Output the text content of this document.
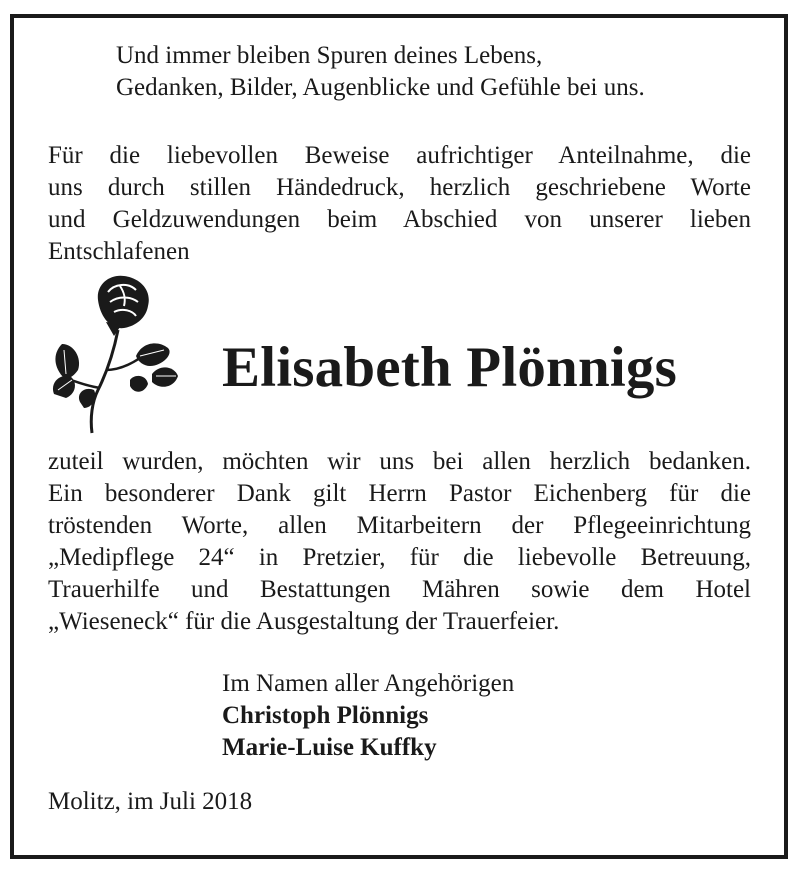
Und immer bleiben Spuren deines Lebens,
Gedanken, Bilder, Augenblicke und Gefühle bei uns.
Für die liebevollen Beweise aufrichtiger Anteilnahme, die
uns durch stillen Händedruck, herzlich geschriebene Worte
und Geldzuwendungen beim Abschied von unserer lieben
Entschlafenen
Elisabeth Plönnigs
zuteil wurden, möchten wir uns bei allen herzlich bedanken.
Ein besonderer Dank gilt Herrn Pastor Eichenberg für die
tröstenden Worte, allen Mitarbeitern der Pflegeeinrichtung
„Medipflege 24“ in Pretzier, für die liebevolle Betreuung,
Trauerhilfe und Bestattungen Mähren sowie dem Hotel
„Wieseneck“ für die Ausgestaltung der Trauerfeier.
Im Namen aller Angehörigen
Christoph Plönnigs
Marie-Luise Kuffky
Molitz, im Juli 2018
